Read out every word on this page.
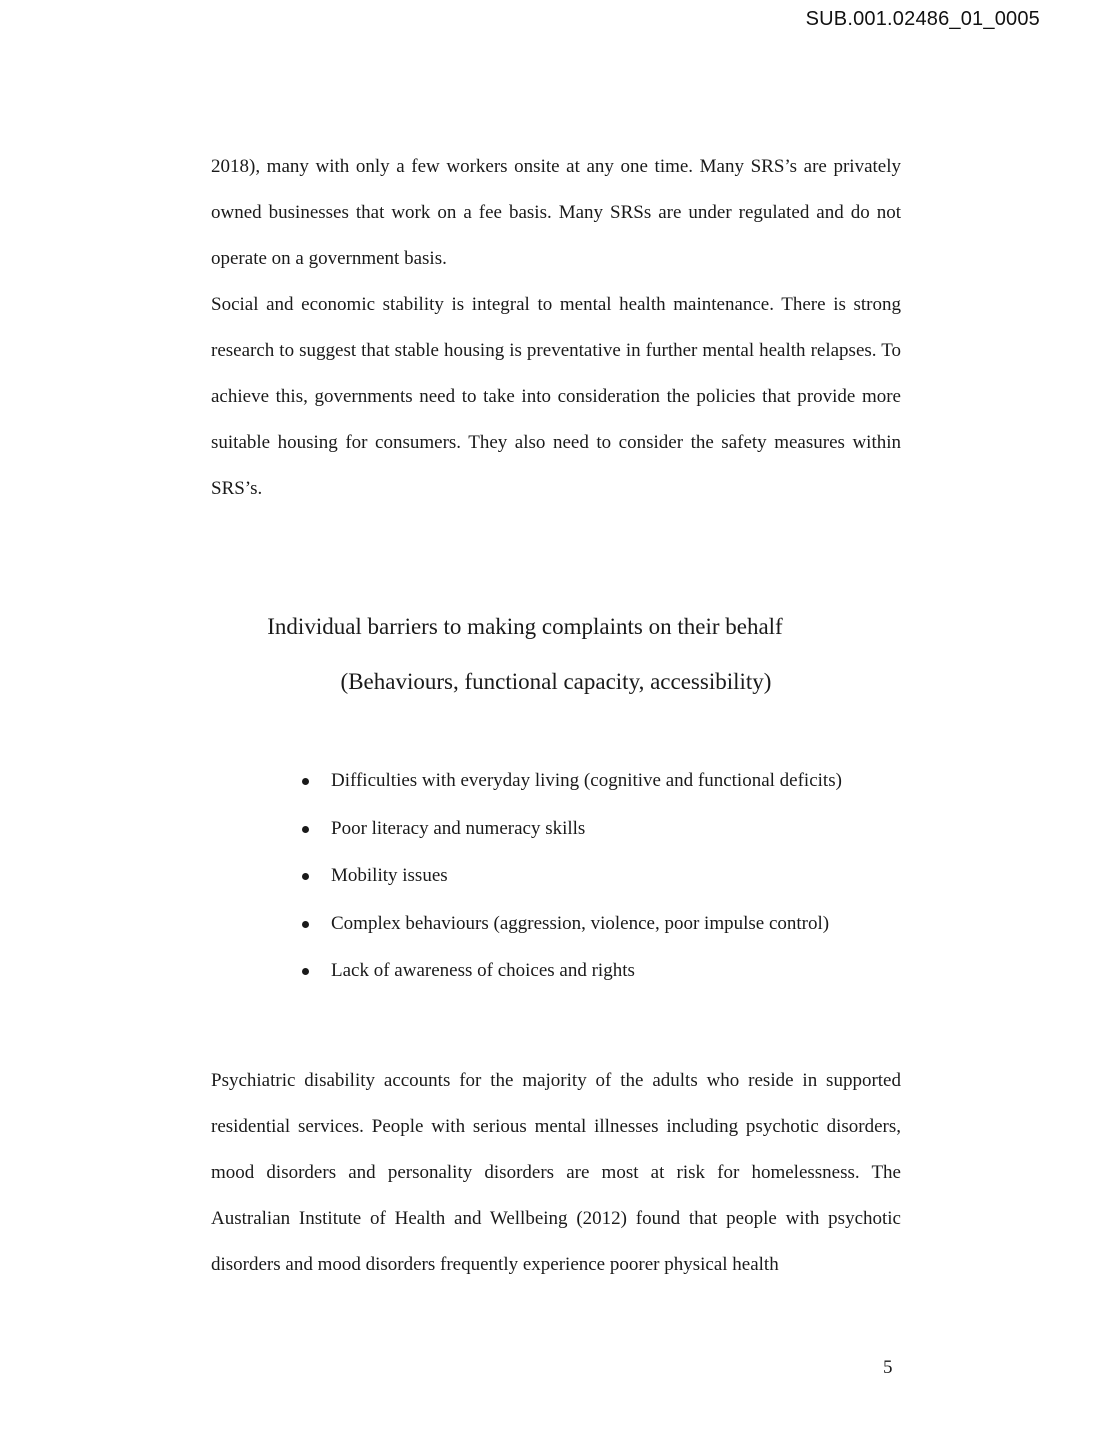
SUB.001.02486_01_0005

2018), many with only a few workers onsite at any one time. Many SRS’s are privately owned businesses that work on a fee basis. Many SRSs are under regulated and do not operate on a government basis.

Social and economic stability is integral to mental health maintenance. There is strong research to suggest that stable housing is preventative in further mental health relapses. To achieve this, governments need to take into consideration the policies that provide more suitable housing for consumers. They also need to consider the safety measures within SRS’s.

Individual barriers to making complaints on their behalf
(Behaviours, functional capacity, accessibility)
Difficulties with everyday living (cognitive and functional deficits)
Poor literacy and numeracy skills
Mobility issues
Complex behaviours (aggression, violence, poor impulse control)
Lack of awareness of choices and rights

Psychiatric disability accounts for the majority of the adults who reside in supported residential services. People with serious mental illnesses including psychotic disorders, mood disorders and personality disorders are most at risk for homelessness. The Australian Institute of Health and Wellbeing (2012) found that people with psychotic disorders and mood disorders frequently experience poorer physical health

5
